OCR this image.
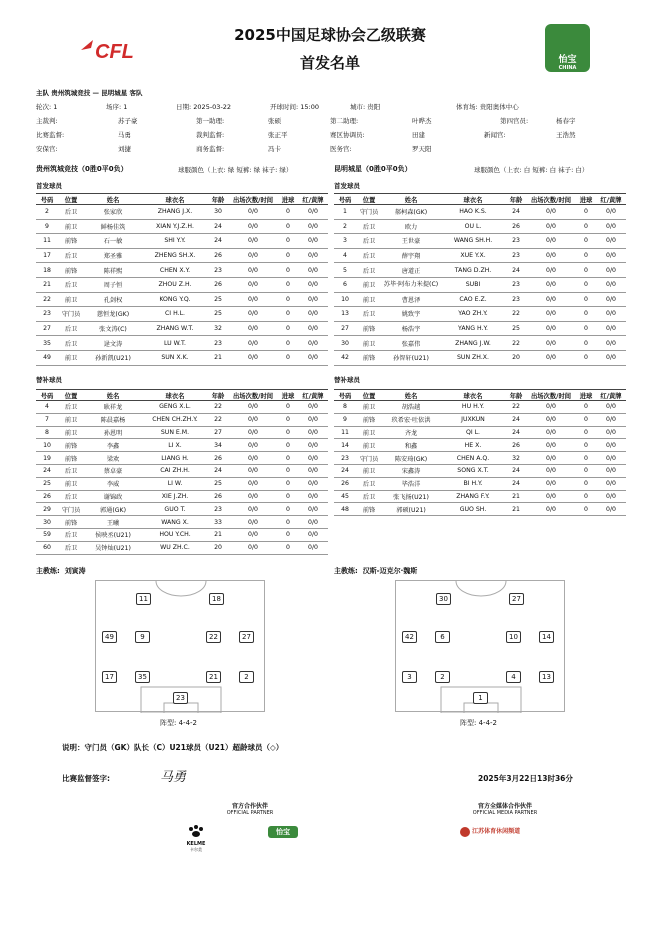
CFL
2025中国足球协会乙级联赛
首发名单	怡宝
CHINA
主队 贵州筑城竞技 — 昆明城星 客队
轮次: 1	场序: 1	日期: 2025-03-22	开球时间: 15:00	城市: 贵阳	体育场: 贵阳奥体中心
主裁判:	苏子豪	第一助理:	张硕	第二助理:	叶晔杰	第四官员:	杨春宇
比赛监督:	马勇	裁判监督:	张正平	赛区协调员:	田建	新闻官:	王浩然
安保官:	刘捷	商务监督:	冯卡	医务官:	罗天阳
贵州筑城竞技（0胜0平0负）	球服颜色（上衣: 绿 短裤: 绿 袜子: 绿）	昆明城星（0胜0平0负）	球服颜色（上衣: 白 短裤: 白 袜子: 白）
首发球员	首发球员
号码	位置	姓名	球衣名	年龄	出场次数/时间	进球	红/黄牌
2	后卫	张家欣	ZHANG J.X.	30	0/0	0	0/0
9	前卫	鲜杨佳筑	XIAN Y.J.Z.H.	24	0/0	0	0/0
11	前锋	石一敏	SHI Y.Y.	24	0/0	0	0/0
17	后卫	郑圣雅	ZHENG SH.X.	26	0/0	0	0/0
18	前锋	陈祥熙	CHEN X.Y.	23	0/0	0	0/0
21	后卫	周子恒	ZHOU Z.H.	26	0/0	0	0/0
22	前卫	孔剑权	KONG Y.Q.	25	0/0	0	0/0
23	守门员	慈恒龙(GK)	CI H.L.	25	0/0	0	0/0
27	后卫	张文涛(C)	ZHANG W.T.	32	0/0	0	0/0
35	后卫	逯文涛	LU W.T.	23	0/0	0	0/0
49	前卫	孙新凯(U21)	SUN X.K.	21	0/0	0	0/0
号码	位置	姓名	球衣名	年龄	出场次数/时间	进球	红/黄牌
1	守门员	郝柯森(GK)	HAO K.S.	24	0/0	0	0/0
2	后卫	欧力	OU L.	26	0/0	0	0/0
3	后卫	王世豪	WANG SH.H.	23	0/0	0	0/0
4	后卫	薛宇翔	XUE Y.X.	23	0/0	0	0/0
5	后卫	唐道正	TANG D.ZH.	24	0/0	0	0/0
6	前卫	苏毕·阿布力米提(C)	SUBI	23	0/0	0	0/0
10	前卫	曹恩泽	CAO E.Z.	23	0/0	0	0/0
13	后卫	姚致宇	YAO ZH.Y.	22	0/0	0	0/0
27	前锋	杨浩宇	YANG H.Y.	25	0/0	0	0/0
30	前卫	张嘉伟	ZHANG J.W.	22	0/0	0	0/0
42	前锋	孙智轩(U21)	SUN ZH.X.	20	0/0	0	0/0
替补球员	替补球员
号码	位置	姓名	球衣名	年龄	出场次数/时间	进球	红/黄牌
4	后卫	耿祥龙	GENG X.L.	22	0/0	0	0/0
7	前卫	陈晨嘉杨	CHEN CH.ZH.Y.	22	0/0	0	0/0
8	前卫	孙恩明	SUN E.M.	27	0/0	0	0/0
10	前锋	李鑫	LI X.	34	0/0	0	0/0
19	前锋	梁欢	LIANG H.	26	0/0	0	0/0
24	后卫	蔡卓豪	CAI ZH.H.	24	0/0	0	0/0
25	前卫	李威	LI W.	25	0/0	0	0/0
26	后卫	谢锦政	XIE J.ZH.	26	0/0	0	0/0
29	守门员	郭通(GK)	GUO T.	23	0/0	0	0/0
30	前锋	王曦	WANG X.	33	0/0	0	0/0
59	后卫	侯映丞(U21)	HOU Y.CH.	21	0/0	0	0/0
60	后卫	吴钟灿(U21)	WU ZH.C.	20	0/0	0	0/0
号码	位置	姓名	球衣名	年龄	出场次数/时间	进球	红/黄牌
8	前卫	胡浩越	HU H.Y.	22	0/0	0	0/0
9	前锋	玖希宏·吐依洪	JUXKUN	24	0/0	0	0/0
11	前卫	齐龙	QI L.	24	0/0	0	0/0
14	前卫	和鑫	HE X.	26	0/0	0	0/0
23	守门员	陈安琦(GK)	CHEN A.Q.	32	0/0	0	0/0
24	前卫	宋鑫涛	SONG X.T.	24	0/0	0	0/0
26	后卫	毕浩洋	BI H.Y.	24	0/0	0	0/0
45	后卫	张飞扬(U21)	ZHANG F.Y.	21	0/0	0	0/0
48	前锋	郭硕(U21)	GUO SH.	21	0/0	0	0/0
主教练: 刘寅涛	主教练: 汉斯-迈克尔·魏斯
11	18
49	9	22	27
17	35	21	2
23
30	27
42	6	10	14
3	2	4	13
1
阵型: 4-4-2	阵型: 4-4-2
说明：守门员（GK）队长（C）U21球员（U21）超龄球员（◇）
比赛监督签字:	马勇	2025年3月22日13时36分
官方合作伙伴
OFFICIAL PARTNER
KELME
卡尔美
怡宝
官方全媒体合作伙伴
OFFICIAL MEDIA PARTNER
江苏体育休闲频道
